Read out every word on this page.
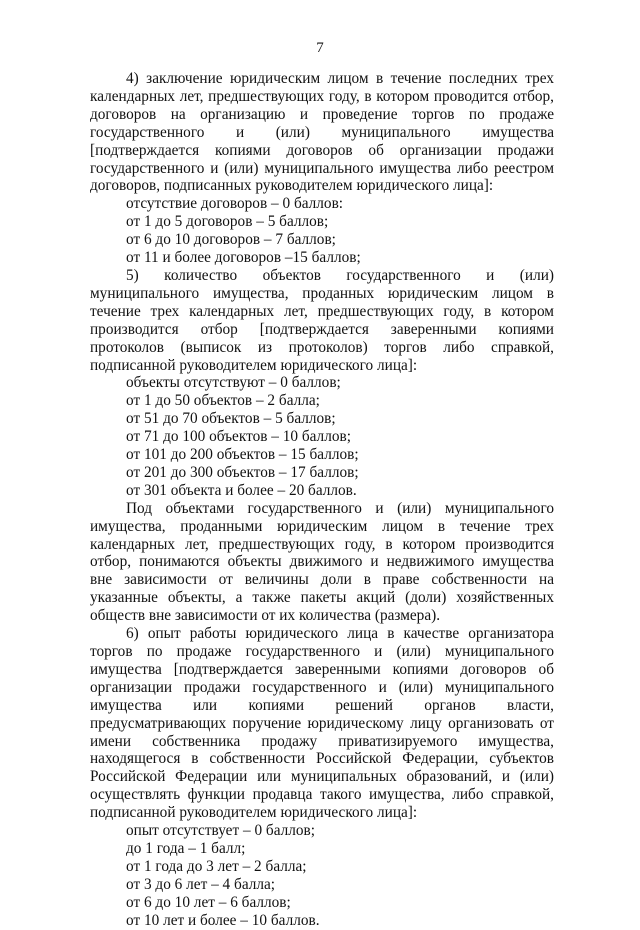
7

4) заключение юридическим лицом в течение последних трех календарных лет, предшествующих году, в котором проводится отбор, договоров на организацию и проведение торгов по продаже государственного и (или) муниципального имущества [подтверждается копиями договоров об организации продажи государственного и (или) муниципального имущества либо реестром договоров, подписанных руководителем юридического лица]:

отсутствие договоров – 0 баллов:

от 1 до 5 договоров – 5 баллов;

от 6 до 10 договоров – 7 баллов;

от 11 и более договоров –15 баллов;

5) количество объектов государственного и (или) муниципального имущества, проданных юридическим лицом в течение трех календарных лет, предшествующих году, в котором производится отбор [подтверждается заверенными копиями протоколов (выписок из протоколов) торгов либо справкой, подписанной руководителем юридического лица]:

объекты отсутствуют – 0 баллов;

от 1 до 50 объектов – 2 балла;

от 51 до 70 объектов – 5 баллов;

от 71 до 100 объектов – 10 баллов;

от 101 до 200 объектов – 15 баллов;

от 201 до 300 объектов – 17 баллов;

от 301 объекта и более – 20 баллов.

Под объектами государственного и (или) муниципального имущества, проданными юридическим лицом в течение трех календарных лет, предшествующих году, в котором производится отбор, понимаются объекты движимого и недвижимого имущества вне зависимости от величины доли в праве собственности на указанные объекты, а также пакеты акций (доли) хозяйственных обществ вне зависимости от их количества (размера).

6) опыт работы юридического лица в качестве организатора торгов по продаже государственного и (или) муниципального имущества [подтверждается заверенными копиями договоров об организации продажи государственного и (или) муниципального имущества или копиями решений органов власти, предусматривающих поручение юридическому лицу организовать от имени собственника продажу приватизируемого имущества, находящегося в собственности Российской Федерации, субъектов Российской Федерации или муниципальных образований, и (или) осуществлять функции продавца такого имущества, либо справкой, подписанной руководителем юридического лица]:

опыт отсутствует – 0 баллов;

до 1 года – 1 балл;

от 1 года до 3 лет – 2 балла;

от 3 до 6 лет – 4 балла;

от 6 до 10 лет – 6 баллов;

от 10 лет и более – 10 баллов.
